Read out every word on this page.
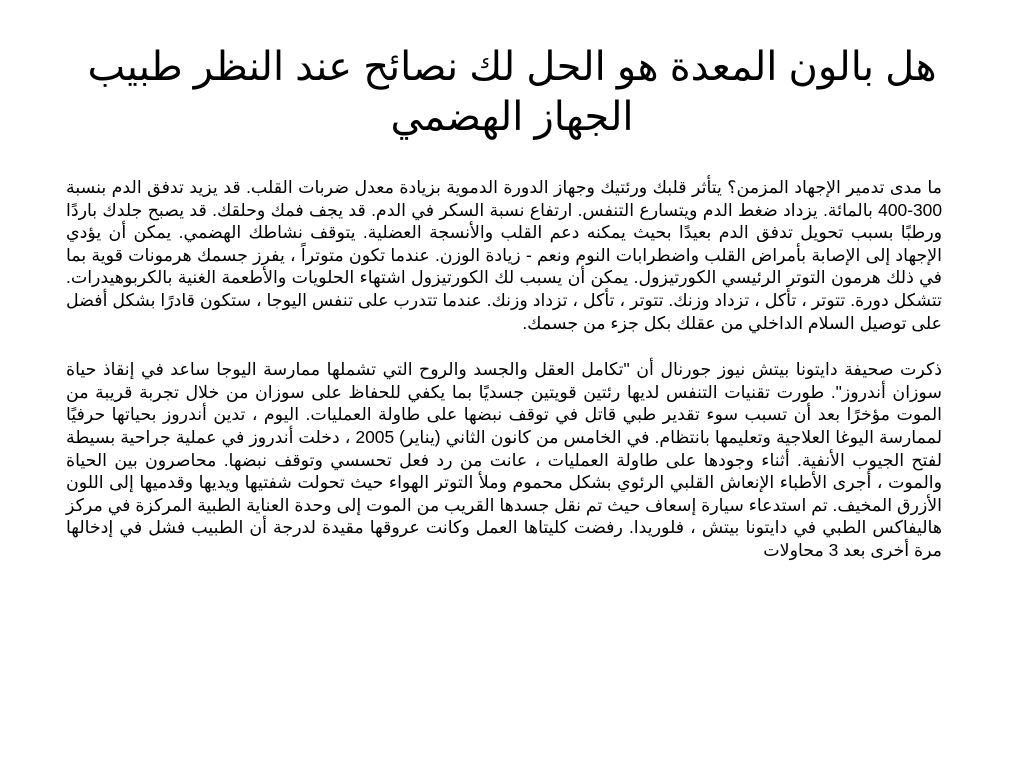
هل بالون المعدة هو الحل لك نصائح عند النظر طبيب الجهاز الهضمي

ما مدى تدمير الإجهاد المزمن؟ يتأثر قلبك ورئتيك وجهاز الدورة الدموية بزيادة معدل ضربات القلب. قد يزيد تدفق الدم بنسبة 300-400 بالمائة. يزداد ضغط الدم ويتسارع التنفس. ارتفاع نسبة السكر في الدم. قد يجف فمك وحلقك. قد يصبح جلدك باردًا ورطبًا بسبب تحويل تدفق الدم بعيدًا بحيث يمكنه دعم القلب والأنسجة العضلية. يتوقف نشاطك الهضمي. يمكن أن يؤدي الإجهاد إلى الإصابة بأمراض القلب واضطرابات النوم ونعم - زيادة الوزن. عندما تكون متوتراً ، يفرز جسمك هرمونات قوية بما في ذلك هرمون التوتر الرئيسي الكورتيزول. يمكن أن يسبب لك الكورتيزول اشتهاء الحلويات والأطعمة الغنية بالكربوهيدرات. تتشكل دورة. تتوتر ، تأكل ، تزداد وزنك. تتوتر ، تأكل ، تزداد وزنك. عندما تتدرب على تنفس اليوجا ، ستكون قادرًا بشكل أفضل على توصيل السلام الداخلي من عقلك بكل جزء من جسمك.

ذكرت صحيفة دايتونا بيتش نيوز جورنال أن "تكامل العقل والجسد والروح التي تشملها ممارسة اليوجا ساعد في إنقاذ حياة سوزان أندروز". طورت تقنيات التنفس لديها رئتين قويتين جسديًا بما يكفي للحفاظ على سوزان من خلال تجربة قريبة من الموت مؤخرًا بعد أن تسبب سوء تقدير طبي قاتل في توقف نبضها على طاولة العمليات. اليوم ، تدين أندروز بحياتها حرفيًا لممارسة اليوغا العلاجية وتعليمها بانتظام. في الخامس من كانون الثاني (يناير) 2005 ، دخلت أندروز في عملية جراحية بسيطة لفتح الجيوب الأنفية. أثناء وجودها على طاولة العمليات ، عانت من رد فعل تحسسي وتوقف نبضها. محاصرون بين الحياة والموت ، أجرى الأطباء الإنعاش القلبي الرئوي بشكل محموم وملأ التوتر الهواء حيث تحولت شفتيها ويديها وقدميها إلى اللون الأزرق المخيف. تم استدعاء سيارة إسعاف حيث تم نقل جسدها القريب من الموت إلى وحدة العناية الطبية المركزة في مركز هاليفاكس الطبي في دايتونا بيتش ، فلوريدا. رفضت كليتاها العمل وكانت عروقها مقيدة لدرجة أن الطبيب فشل في إدخالها مرة أخرى بعد 3 محاولات
